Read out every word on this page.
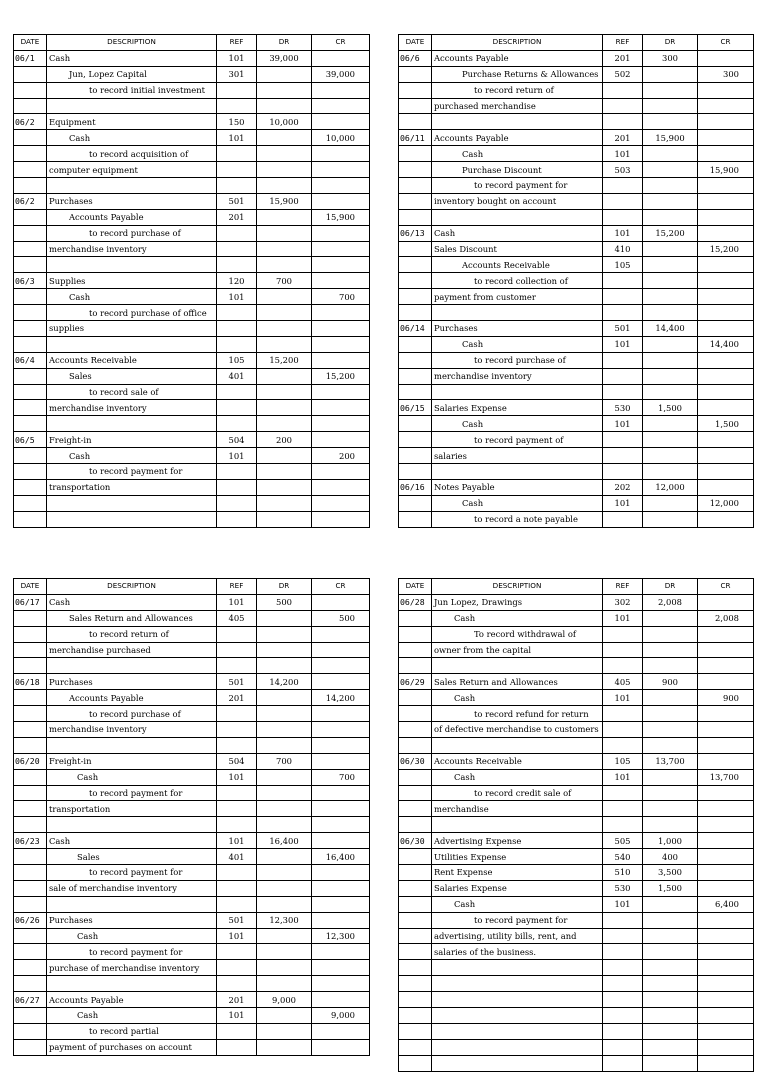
DATE	DESCRIPTION	REF	DR	CR
06/1	Cash	101	39,000	
	Jun, Lopez Capital	301		39,000
	to record initial investment			

06/2	Equipment	150	10,000	
	Cash	101		10,000
	to record acquisition of			
	computer equipment			

06/2	Purchases	501	15,900	
	Accounts Payable	201		15,900
	to record purchase of			
	merchandise inventory			

06/3	Supplies	120	700	
	Cash	101		700
	to record purchase of office			
	supplies			

06/4	Accounts Receivable	105	15,200	
	Sales	401		15,200
	to record sale of			
	merchandise inventory			

06/5	Freight-in	504	200	
	Cash	101		200
	to record payment for			
	transportation			

DATE	DESCRIPTION	REF	DR	CR
06/6	Accounts Payable	201	300	
	Purchase Returns & Allowances	502		300
	to record return of			
	purchased merchandise			

06/11	Accounts Payable	201	15,900	
	Cash	101		
	Purchase Discount	503		15,900
	to record payment for			
	inventory bought on account			

06/13	Cash	101	15,200	
	Sales Discount	410		15,200
	Accounts Receivable	105		
	to record collection of			
	payment from customer			

06/14	Purchases	501	14,400	
	Cash	101		14,400
	to record purchase of			
	merchandise inventory			

06/15	Salaries Expense	530	1,500	
	Cash	101		1,500
	to record payment of			
	salaries			

06/16	Notes Payable	202	12,000	
	Cash	101		12,000
	to record a note payable			
DATE	DESCRIPTION	REF	DR	CR
06/17	Cash	101	500	
	Sales Return and Allowances	405		500
	to record return of			
	merchandise purchased			

06/18	Purchases	501	14,200	
	Accounts Payable	201		14,200
	to record purchase of			
	merchandise inventory			

06/20	Freight-in	504	700	
	Cash	101		700
	to record payment for			
	transportation			

06/23	Cash	101	16,400	
	Sales	401		16,400
	to record payment for			
	sale of merchandise inventory			

06/26	Purchases	501	12,300	
	Cash	101		12,300
	to record payment for			
	purchase of merchandise inventory			

06/27	Accounts Payable	201	9,000	
	Cash	101		9,000
	to record partial			
	payment of purchases on account			
DATE	DESCRIPTION	REF	DR	CR
06/28	Jun Lopez, Drawings	302	2,008	
	Cash	101		2,008
	To record withdrawal of			
	owner from the capital			

06/29	Sales Return and Allowances	405	900	
	Cash	101		900
	to record refund for return			
	of defective merchandise to customers			

06/30	Accounts Receivable	105	13,700	
	Cash	101		13,700
	to record credit sale of			
	merchandise			

06/30	Advertising Expense	505	1,000	
	Utilities Expense	540	400	
	Rent Expense	510	3,500	
	Salaries Expense	530	1,500	
	Cash	101		6,400
	to record payment for			
	advertising, utility bills, rent, and			
	salaries of the business.			
